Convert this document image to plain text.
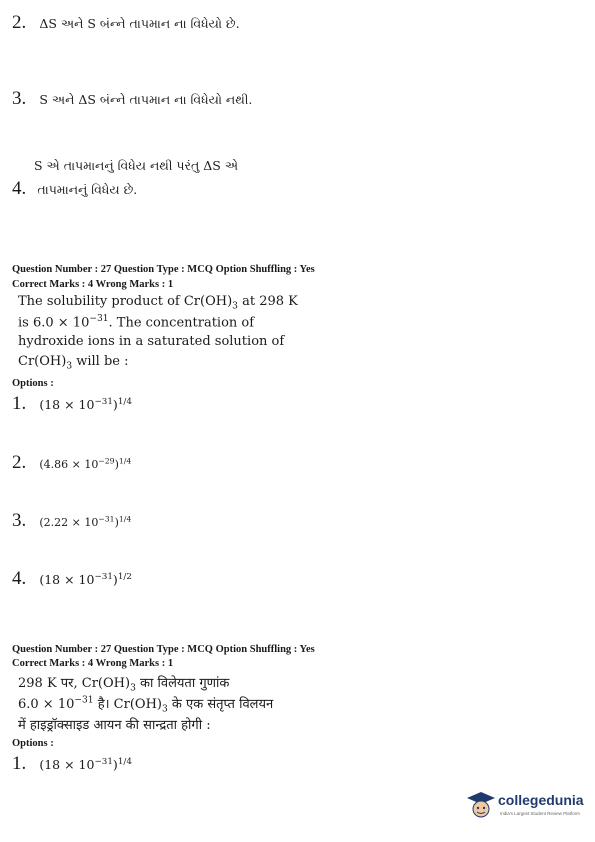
2. ΔS અને S બંન્ને તાપમાન ના વિધેયો છે.
3. S અને ΔS બંન્ને તાપમાન ના વિધેયો નથી.
S એ તાપમાનનું વિધેય નથી પરંતુ ΔS એ
4. તાપમાનનું વિધેય છે.
Question Number : 27 Question Type : MCQ Option Shuffling : Yes
Correct Marks : 4 Wrong Marks : 1
The solubility product of $Cr(OH)_3$ at 298 K
is $6.0 \times 10^{-31}$. The concentration of
hydroxide ions in a saturated solution of
$Cr(OH)_3$ will be :
Options :
1. $(18 \times 10^{-31})^{1/4}$
2. $(4.86 \times 10^{-29})^{1/4}$
3. $(2.22 \times 10^{-31})^{1/4}$
4. $(18 \times 10^{-31})^{1/2}$
Question Number : 27 Question Type : MCQ Option Shuffling : Yes
Correct Marks : 4 Wrong Marks : 1
298 K पर, $Cr(OH)_3$ का विलेयता गुणांक
$6.0 \times 10^{-31}$ है। $Cr(OH)_3$ के एक संतृप्त विलयन
में हाइड्रॉक्साइड आयन की सान्द्रता होगी :
Options :
1. $(18 \times 10^{-31})^{1/4}$
collegedunia
India's Largest Student Review Platform
